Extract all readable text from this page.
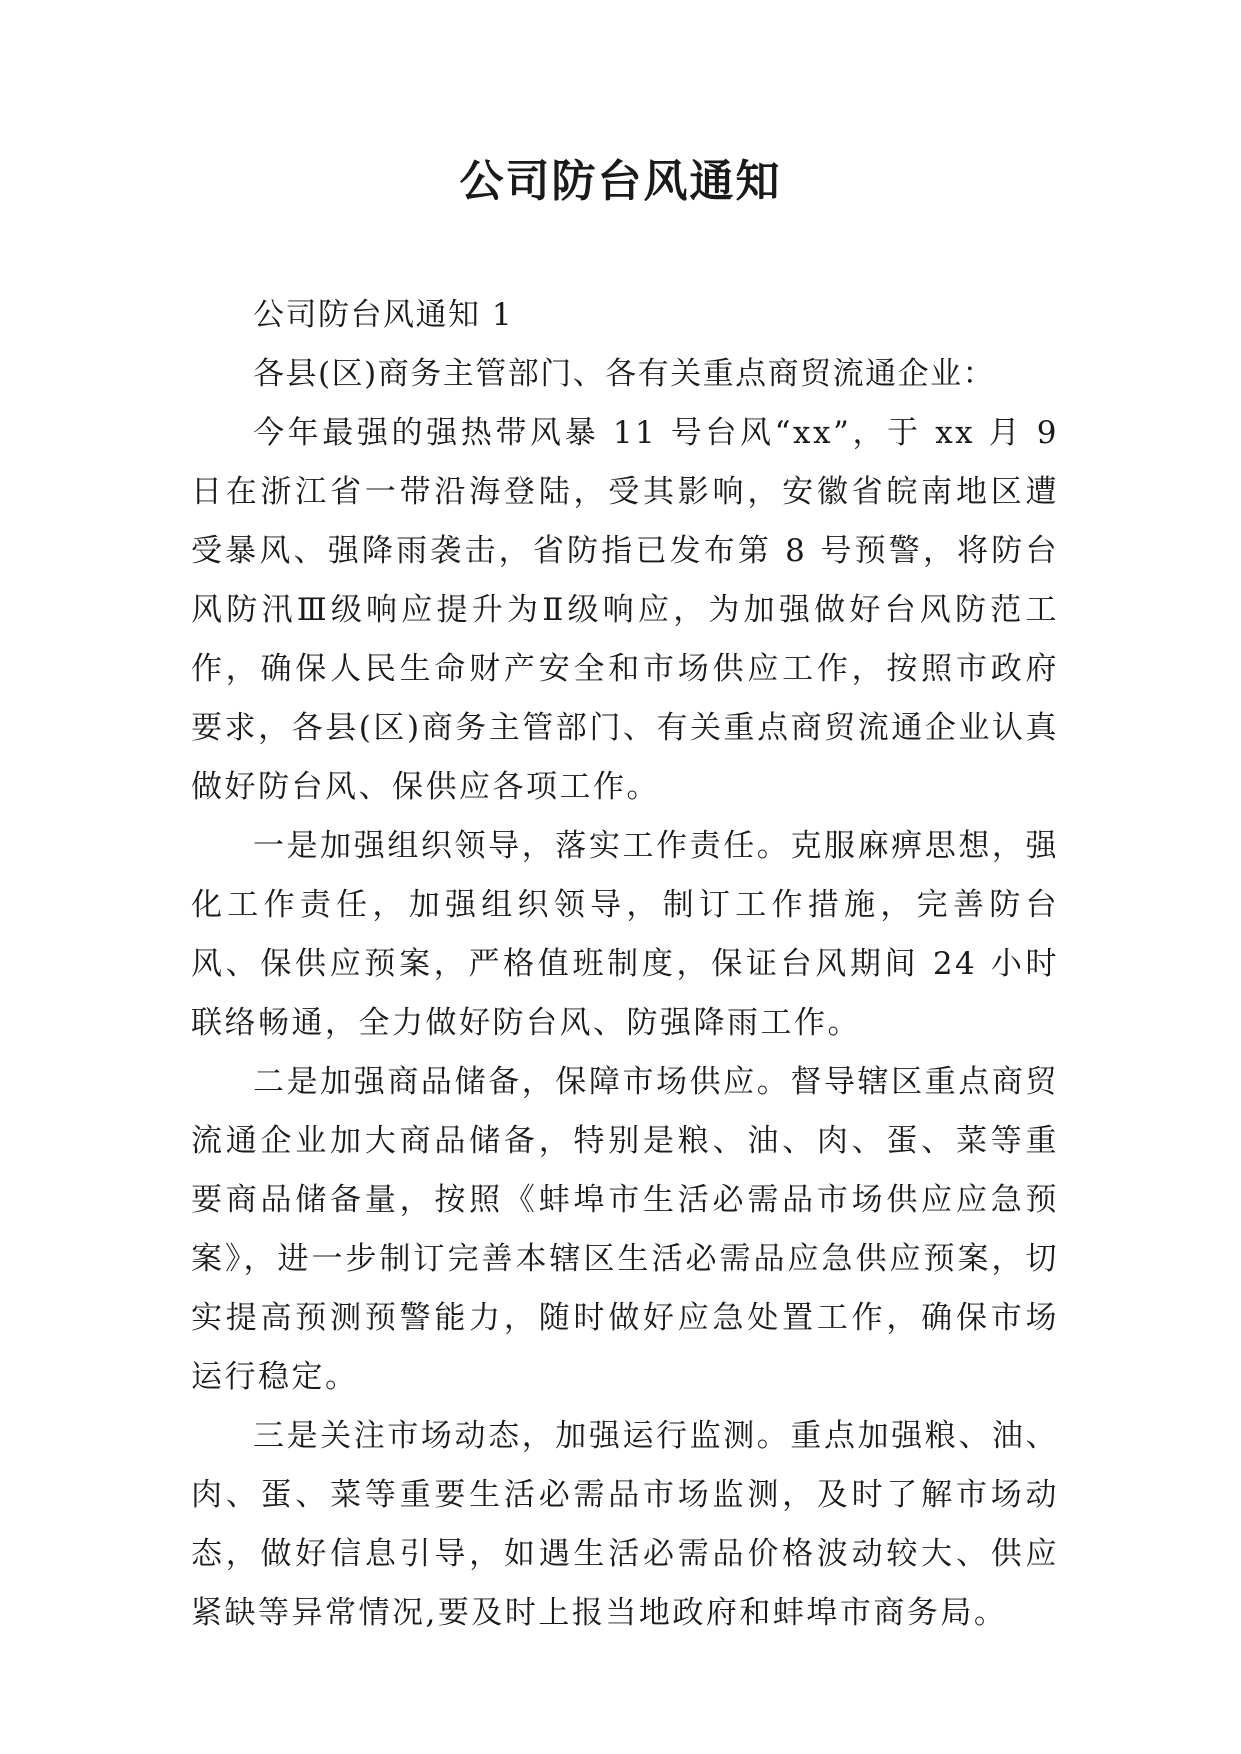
公司防台风通知

公司防台风通知 1

各县(区)商务主管部门、各有关重点商贸流通企业：

今年最强的强热带风暴 11 号台风“xx”，于 xx 月 9 日在浙江省一带沿海登陆，受其影响，安徽省皖南地区遭受暴风、强降雨袭击，省防指已发布第 8 号预警，将防台风防汛Ⅲ级响应提升为Ⅱ级响应，为加强做好台风防范工作，确保人民生命财产安全和市场供应工作，按照市政府要求，各县(区)商务主管部门、有关重点商贸流通企业认真做好防台风、保供应各项工作。

一是加强组织领导，落实工作责任。克服麻痹思想，强化工作责任，加强组织领导，制订工作措施，完善防台风、保供应预案，严格值班制度，保证台风期间 24 小时联络畅通，全力做好防台风、防强降雨工作。

二是加强商品储备，保障市场供应。督导辖区重点商贸流通企业加大商品储备，特别是粮、油、肉、蛋、菜等重要商品储备量，按照《蚌埠市生活必需品市场供应应急预案》，进一步制订完善本辖区生活必需品应急供应预案，切实提高预测预警能力，随时做好应急处置工作，确保市场运行稳定。

三是关注市场动态，加强运行监测。重点加强粮、油、肉、蛋、菜等重要生活必需品市场监测，及时了解市场动态，做好信息引导，如遇生活必需品价格波动较大、供应紧缺等异常情况,要及时上报当地政府和蚌埠市商务局。
